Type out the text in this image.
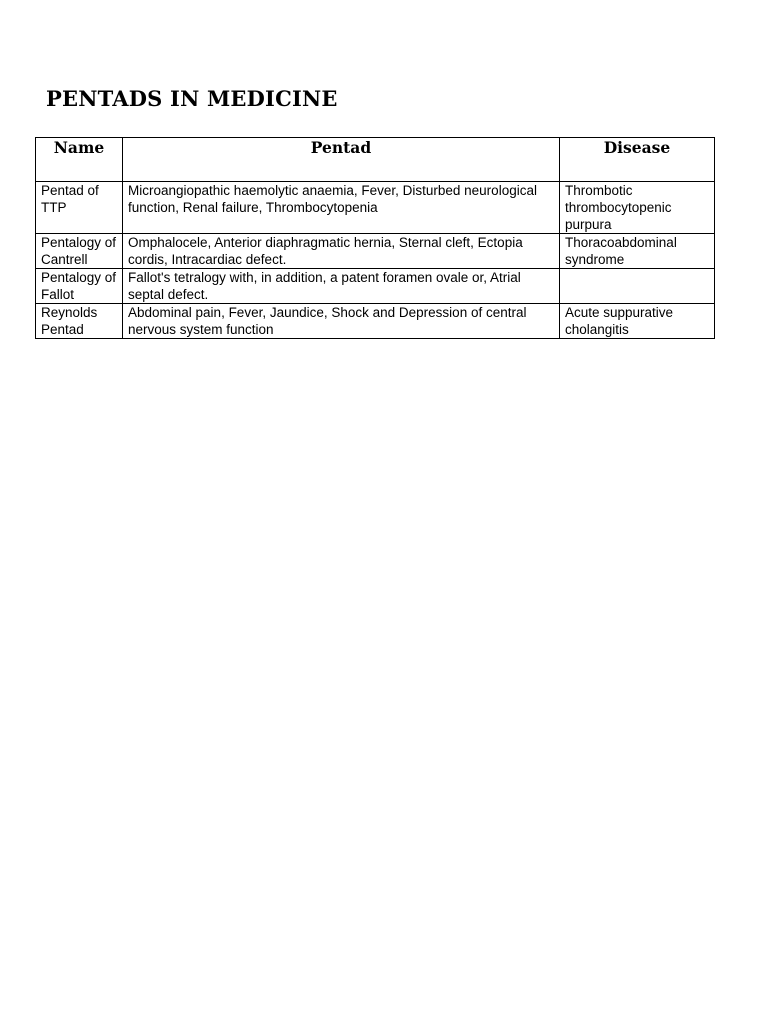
PENTADS IN MEDICINE
Name	Pentad	Disease
Pentad of TTP	Microangiopathic haemolytic anaemia, Fever, Disturbed neurological function, Renal failure, Thrombocytopenia	Thrombotic thrombocytopenic purpura
Pentalogy of Cantrell	Omphalocele, Anterior diaphragmatic hernia, Sternal cleft, Ectopia cordis, Intracardiac defect.	Thoracoabdominal syndrome
Pentalogy of Fallot	Fallot's tetralogy with, in addition, a patent foramen ovale or, Atrial septal defect.	
Reynolds Pentad	Abdominal pain, Fever, Jaundice, Shock and Depression of central nervous system function	Acute suppurative cholangitis
